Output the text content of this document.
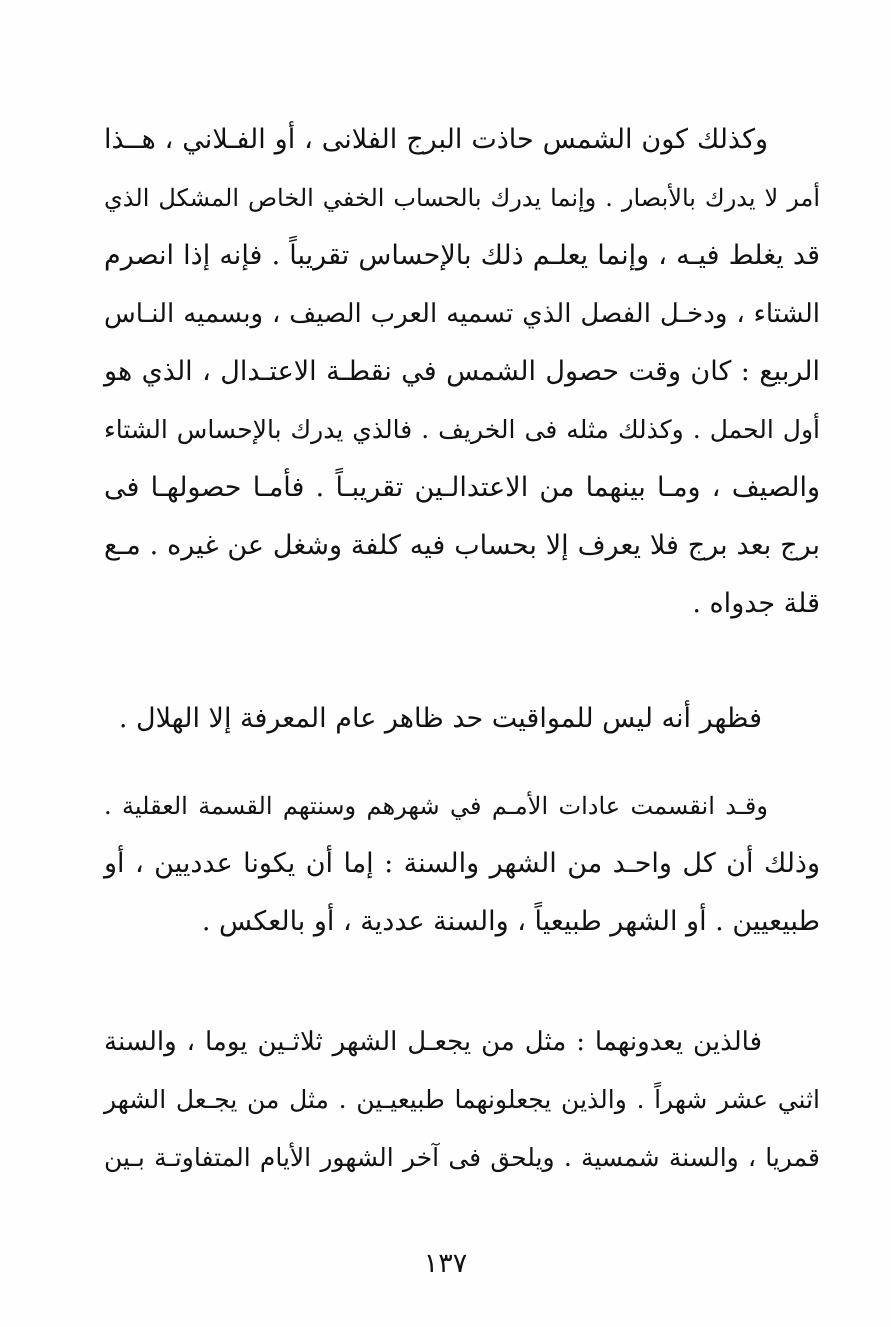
وكذلك كون الشمس حاذت البرج الفلانى ، أو الفـلاني ، هــذا
أمر لا يدرك بالأبصار . وإنما يدرك بالحساب الخفي الخاص المشكل الذي
قد يغلط فيـه ، وإنما يعلـم ذلك بالإحساس تقريباً . فإنه إذا انصرم
الشتاء ، ودخـل الفصل الذي تسميه العرب الصيف ، وبسميه النـاس
الربيع : كان وقت حصول الشمس في نقطـة الاعتـدال ، الذي هو
أول الحمل . وكذلك مثله فى الخريف . فالذي يدرك بالإحساس الشتاء
والصيف ، ومـا بينهما من الاعتدالـين تقريبـاً . فأمـا حصولهـا فى
برج بعد برج فلا يعرف إلا بحساب فيه كلفة وشغل عن غيره . مـع
قلة جدواه .
فظهر أنه ليس للمواقيت حد ظاهر عام المعرفة إلا الهلال .
وقـد انقسمت عادات الأمـم في شهرهم وسنتهم القسمة العقلية .
وذلك أن كل واحـد من الشهر والسنة : إما أن يكونا عدديين ، أو
طبيعيين . أو الشهر طبيعياً ، والسنة عددية ، أو بالعكس .
فالذين يعدونهما : مثل من يجعـل الشهر ثلاثـين يوما ، والسنة
اثني عشر شهراً . والذين يجعلونهما طبيعيـين . مثل من يجـعل الشهر
قمريا ، والسنة شمسية . ويلحق فى آخر الشهور الأيام المتفاوتـة بـين
١٣٧
